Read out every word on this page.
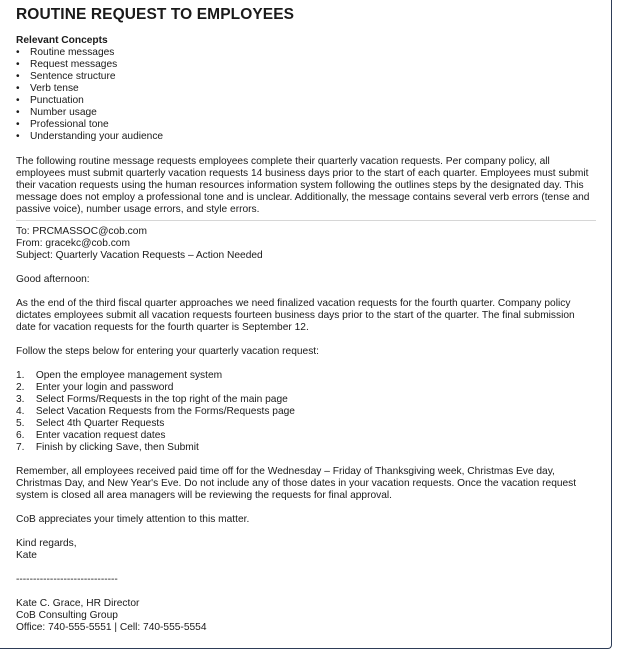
ROUTINE REQUEST TO EMPLOYEES

Relevant Concepts

• Routine messages
• Request messages
• Sentence structure
• Verb tense
• Punctuation
• Number usage
• Professional tone
• Understanding your audience

The following routine message requests employees complete their quarterly vacation requests. Per company policy, all employees must submit quarterly vacation requests 14 business days prior to the start of each quarter. Employees must submit their vacation requests using the human resources information system following the outlines steps by the designated day. This message does not employ a professional tone and is unclear. Additionally, the message contains several verb errors (tense and passive voice), number usage errors, and style errors.

To: PRCMASSOC@cob.com

From: gracekc@cob.com

Subject: Quarterly Vacation Requests – Action Needed

Good afternoon:

As the end of the third fiscal quarter approaches we need finalized vacation requests for the fourth quarter. Company policy dictates employees submit all vacation requests fourteen business days prior to the start of the quarter. The final submission date for vacation requests for the fourth quarter is September 12.

Follow the steps below for entering your quarterly vacation request:

1.    Open the employee management system
2.    Enter your login and password
3.    Select Forms/Requests in the top right of the main page
4.    Select Vacation Requests from the Forms/Requests page
5.    Select 4th Quarter Requests
6.    Enter vacation request dates
7.    Finish by clicking Save, then Submit

Remember, all employees received paid time off for the Wednesday – Friday of Thanksgiving week, Christmas Eve day, Christmas Day, and New Year's Eve. Do not include any of those dates in your vacation requests. Once the vacation request system is closed all area managers will be reviewing the requests for final approval.

CoB appreciates your timely attention to this matter.

Kind regards,

Kate

------------------------------

Kate C. Grace, HR Director

CoB Consulting Group

Office: 740-555-5551 | Cell: 740-555-5554
